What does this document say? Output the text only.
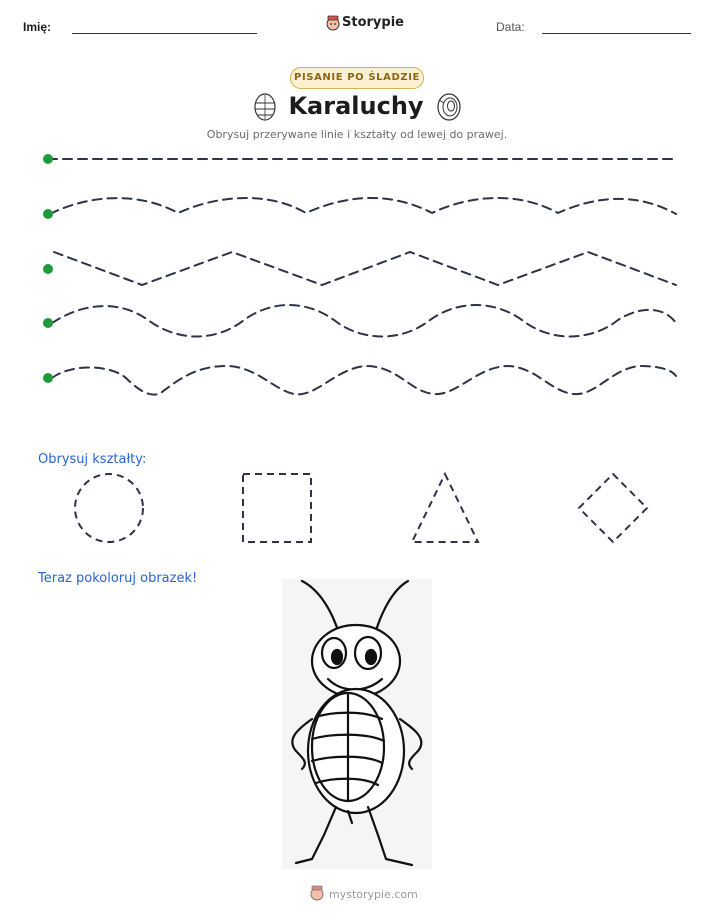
Imię:	Storypie	Data:
PISANIE PO ŚLADZIE
Karaluchy
Obrysuj przerywane linie i kształty od lewej do prawej.
Obrysuj kształty:
Teraz pokoloruj obrazek!
mystorypie.com
